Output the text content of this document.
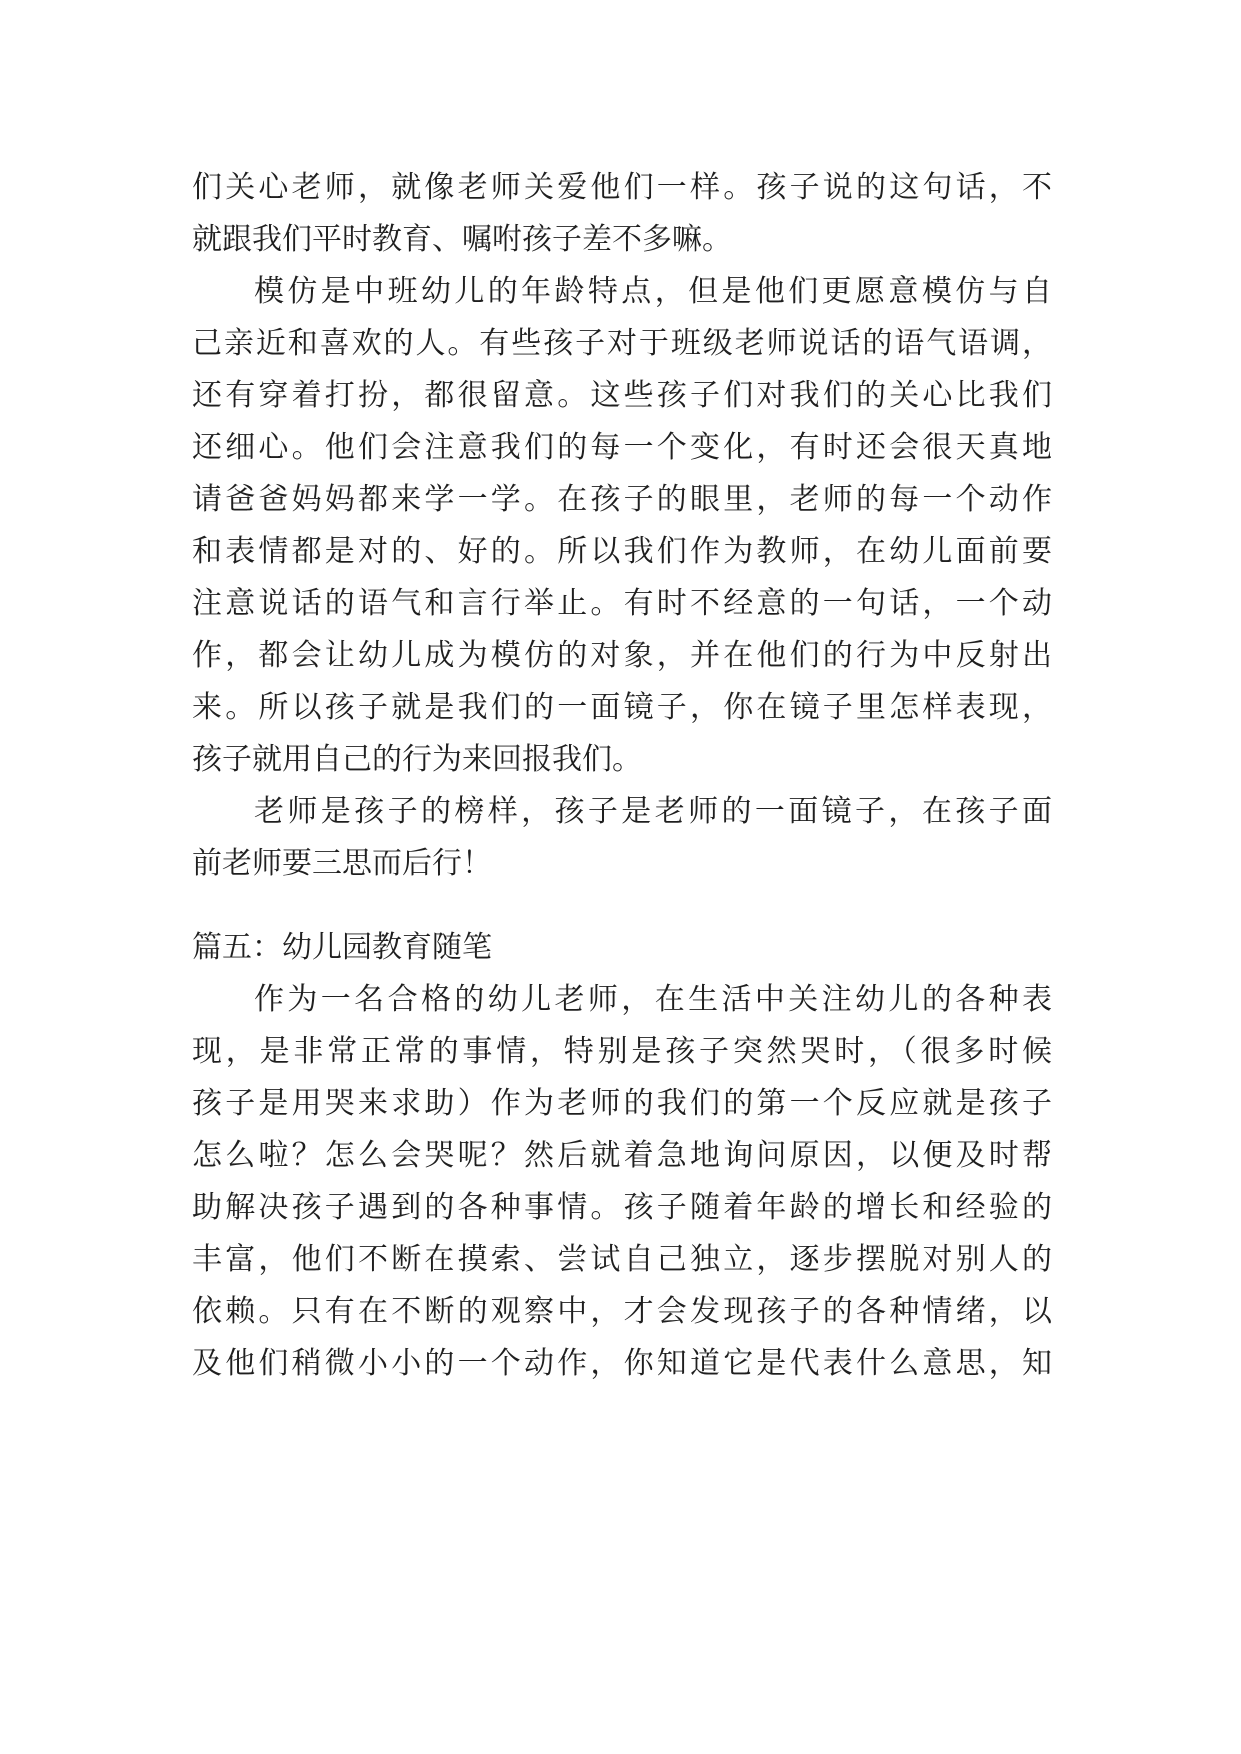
们关心老师，就像老师关爱他们一样。孩子说的这句话，不
就跟我们平时教育、嘱咐孩子差不多嘛。
模仿是中班幼儿的年龄特点，但是他们更愿意模仿与自
己亲近和喜欢的人。有些孩子对于班级老师说话的语气语调，
还有穿着打扮，都很留意。这些孩子们对我们的关心比我们
还细心。他们会注意我们的每一个变化，有时还会很天真地
请爸爸妈妈都来学一学。在孩子的眼里，老师的每一个动作
和表情都是对的、好的。所以我们作为教师，在幼儿面前要
注意说话的语气和言行举止。有时不经意的一句话，一个动
作，都会让幼儿成为模仿的对象，并在他们的行为中反射出
来。所以孩子就是我们的一面镜子，你在镜子里怎样表现，
孩子就用自己的行为来回报我们。
老师是孩子的榜样，孩子是老师的一面镜子，在孩子面
前老师要三思而后行！
篇五：幼儿园教育随笔
作为一名合格的幼儿老师，在生活中关注幼儿的各种表
现，是非常正常的事情，特别是孩子突然哭时，（很多时候
孩子是用哭来求助）作为老师的我们的第一个反应就是孩子
怎么啦？怎么会哭呢？然后就着急地询问原因，以便及时帮
助解决孩子遇到的各种事情。孩子随着年龄的增长和经验的
丰富，他们不断在摸索、尝试自己独立，逐步摆脱对别人的
依赖。只有在不断的观察中，才会发现孩子的各种情绪，以
及他们稍微小小的一个动作，你知道它是代表什么意思，知
